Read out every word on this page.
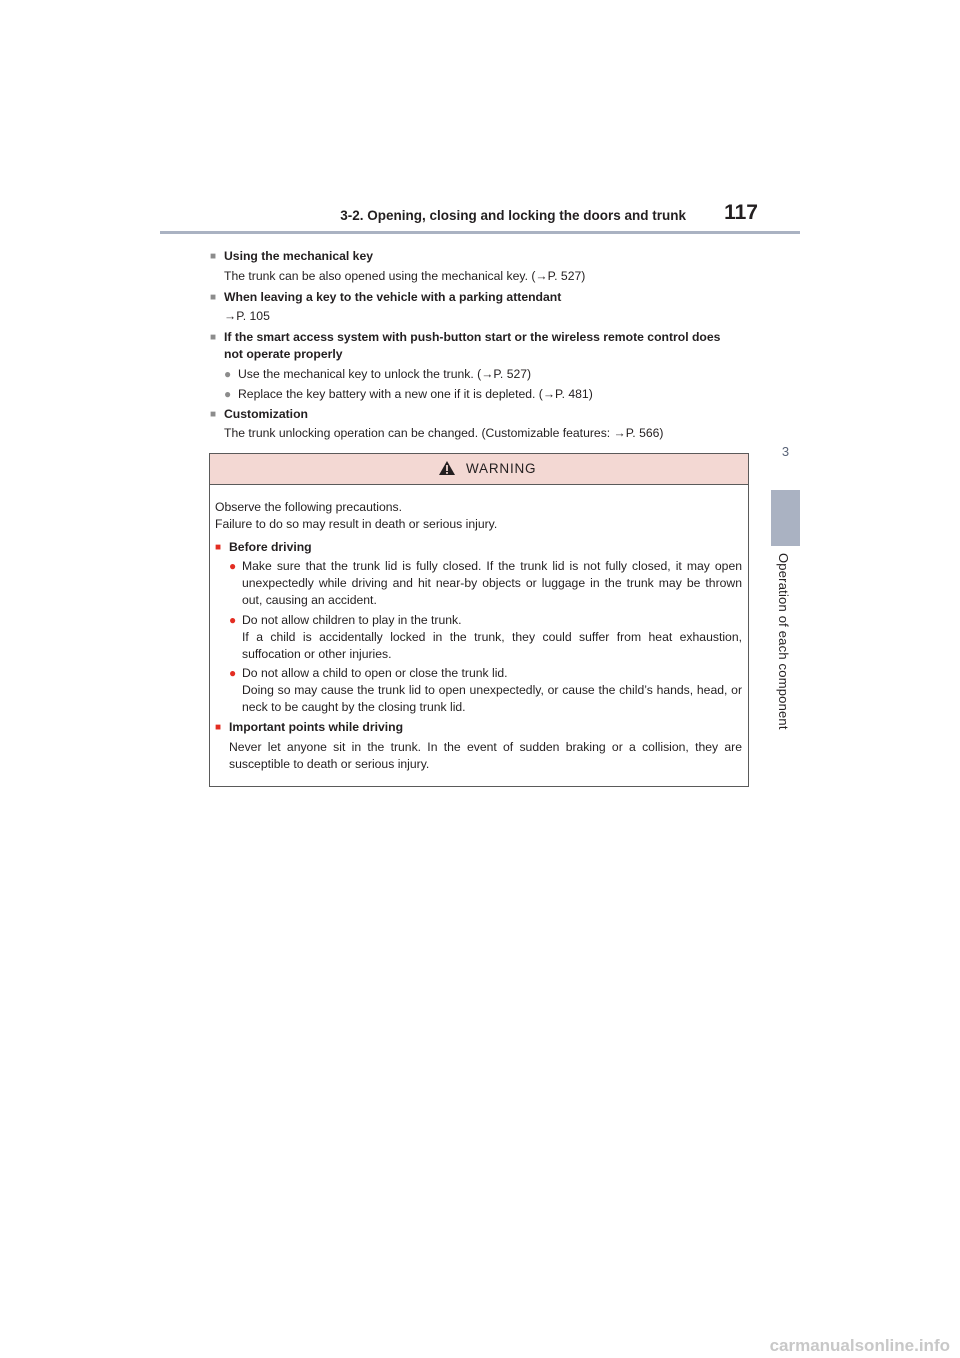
3-2. Opening, closing and locking the doors and trunk 117
3
Operation of each component
■ Using the mechanical key
The trunk can be also opened using the mechanical key. (→P. 527)
■ When leaving a key to the vehicle with a parking attendant
→P. 105
■ If the smart access system with push-button start or the wireless remote control does
not operate properly
● Use the mechanical key to unlock the trunk. (→P. 527)
● Replace the key battery with a new one if it is depleted. (→P. 481)
■ Customization
The trunk unlocking operation can be changed. (Customizable features: →P. 566)
WARNING
Observe the following precautions.
Failure to do so may result in death or serious injury.
■ Before driving
● Make sure that the trunk lid is fully closed. If the trunk lid is not fully closed, it may open unexpectedly while driving and hit near-by objects or luggage in the trunk may be thrown out, causing an accident.
● Do not allow children to play in the trunk.
If a child is accidentally locked in the trunk, they could suffer from heat exhaustion, suffocation or other injuries.
● Do not allow a child to open or close the trunk lid.
Doing so may cause the trunk lid to open unexpectedly, or cause the child’s hands, head, or neck to be caught by the closing trunk lid.
■ Important points while driving
Never let anyone sit in the trunk. In the event of sudden braking or a collision, they are susceptible to death or serious injury.
carmanualsonline.info
